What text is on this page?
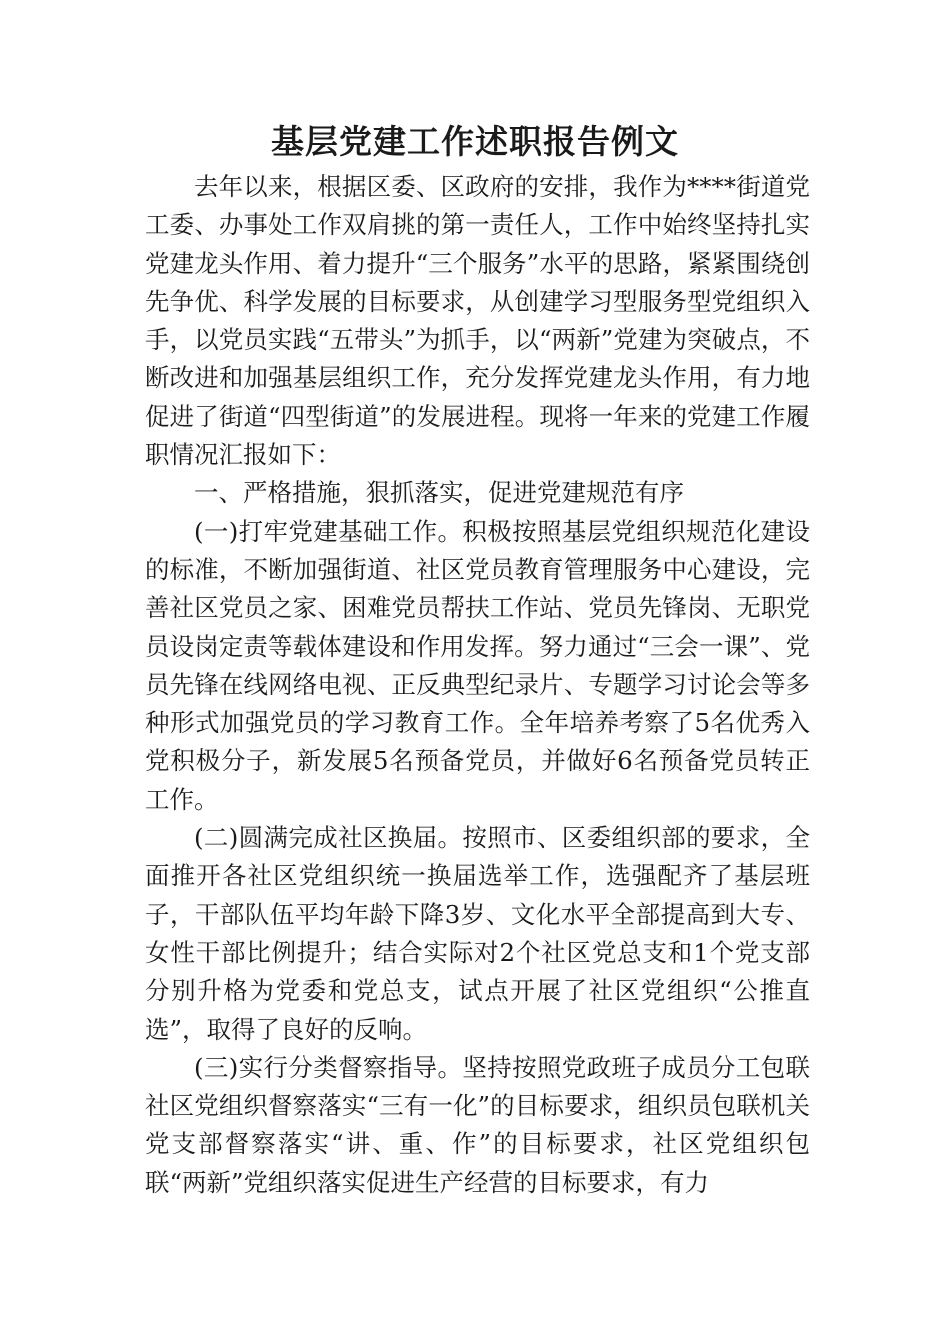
基层党建工作述职报告例文

去年以来，根据区委、区政府的安排，我作为****街道党工委、办事处工作双肩挑的第一责任人，工作中始终坚持扎实党建龙头作用、着力提升“三个服务”水平的思路，紧紧围绕创先争优、科学发展的目标要求，从创建学习型服务型党组织入手，以党员实践“五带头”为抓手，以“两新”党建为突破点，不断改进和加强基层组织工作，充分发挥党建龙头作用，有力地促进了街道“四型街道”的发展进程。现将一年来的党建工作履职情况汇报如下：

一、严格措施，狠抓落实，促进党建规范有序

(一)打牢党建基础工作。积极按照基层党组织规范化建设的标准，不断加强街道、社区党员教育管理服务中心建设，完善社区党员之家、困难党员帮扶工作站、党员先锋岗、无职党员设岗定责等载体建设和作用发挥。努力通过“三会一课”、党员先锋在线网络电视、正反典型纪录片、专题学习讨论会等多种形式加强党员的学习教育工作。全年培养考察了5名优秀入党积极分子，新发展5名预备党员，并做好6名预备党员转正工作。

(二)圆满完成社区换届。按照市、区委组织部的要求，全面推开各社区党组织统一换届选举工作，选强配齐了基层班子，干部队伍平均年龄下降3岁、文化水平全部提高到大专、女性干部比例提升；结合实际对2个社区党总支和1个党支部分别升格为党委和党总支，试点开展了社区党组织“公推直选”，取得了良好的反响。

(三)实行分类督察指导。坚持按照党政班子成员分工包联社区党组织督察落实“三有一化”的目标要求，组织员包联机关党支部督察落实“讲、重、作”的目标要求，社区党组织包联“两新”党组织落实促进生产经营的目标要求，有力
